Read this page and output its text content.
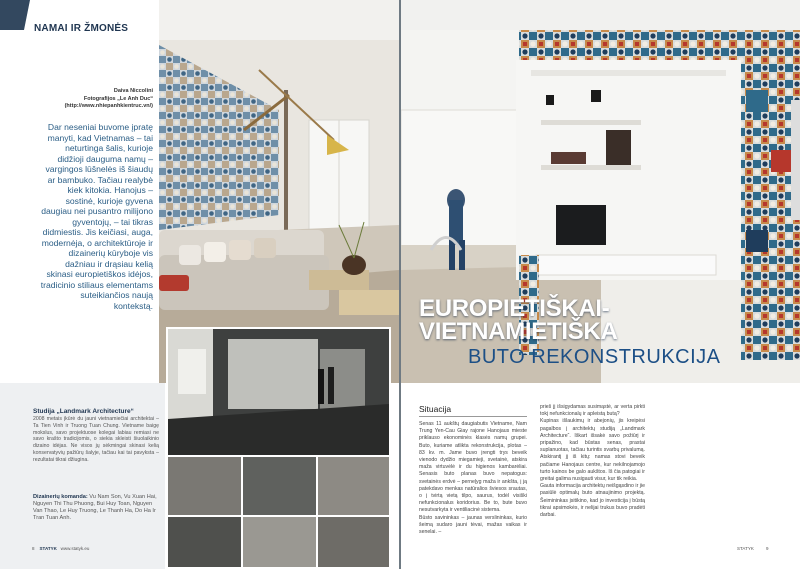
NAMAI IR ŽMONĖS
Daiva Niccolini
Fotografijos „Le Anh Duc“
(http://www.nhiepanhkientruc.vn/)
Dar neseniai buvome įpratę manyti, kad Vietnamas – tai neturtinga šalis, kurioje didžioji dauguma namų – vargingos lūšnelės iš šiaudų ar bambuko. Tačiau realybė kiek kitokia. Hanojus – sostinė, kurioje gyvena daugiau nei pusantro milijono gyventojų, – tai tikras didmiestis. Jis keičiasi, auga, modernėja, o architektūroje ir dizainerių kūryboje vis dažniau ir drąsiau kelią skinasi europietiškos idėjos, tradicinio stiliaus elementams suteikiančios naują kontekstą.
Studija „Landmark Architecture“
2008 metais įkūrė du jauni vietnamiečiai architektai – Ta Tien Vinh ir Truong Tuan Chung. Vietname baigę mokslus, savo projektuose kolegai labiau remiasi ne savo krašto tradicijomis, o siekia skleisti šiuolaikinio dizaino idėjas. Ne visos jų sėkmingai skinasi kelią konservatyvių pažiūrų šalyje, tačiau kai tai pavyksta – rezultatai tikrai džiugina.
Dizainerių komanda: Vu Nam Son, Vu Xuan Hai, Nguyen Thi Thu Phuong, Bui Huy Toan, Nguyen Van Thao, Le Huy Truong, Le Thanh Ha, Do Ha Ir Tran Tuan Anh.
8 STATYK www.statyk.eu
EUROPIETIŠKAI-
VIETNAMIETIŠKA
BUTO REKONSTRUKCIJA
Situacija
Senas 11 aukštų daugiabutis Vietname, Nam Trung Yen-Cau Giay rajone Hanojaus mieste priklauso ekonominės klasės namų grupei. Buto, kuriame atlikta rekonstrukcija, plotas – 83 kv. m. Jame buvo įrengti trys beveik vienodo dydžio miegamieji, svetainė, atskira maža virtuvėlė ir du higienos kambarėliai. Senasis buto planas buvo nepatogus: svetainės erdvė – perneļyg maža ir ankšta, į ją patekdavo menkas natūralios šviesos srautas, o į tvirtą vietą tilpo, saurus, todėl visiški nefunkcionalus koridorius. Be to, butе buvo nesutvarkyta ir ventiliacinė sistema.
Būsto savininkas – jaunas verslininkas, kurio šeimą sudaro jauni tėvai, mažas vaikas ir senelai. –
prieš jį išsigydamas susimąstė, ar verta pirkti tokį nefunkcionalų ir apleistą butą?
Kupinas išlaukimų ir abejonių, jis kreipėsi pagalbos į architektų studiją „Landmark Architecture“. Iškart išsakė savo požiūrį ir pripažino, kad būstas senas, prastai suplanuotas, tačiau turintis svarbų privalumą. Atskirantį jį iš kitų: namas stovi beveik pačiame Hanojaus centre, kur nekilnojamojo turto kainos be galo aukštos. Iš čia patogiai ir greitai galima nusigauti visur, kur tik reikia.
Gauta informacija architektų neišgąsdino ir jie pasiūlė optimalų buto atnaujinimo projektą. Šeimininkas įsitikino, kad jo investicija į būstą tikrai apsimokės, ir nelijai trukus buvo pradėti darbai.
STATYK	9
